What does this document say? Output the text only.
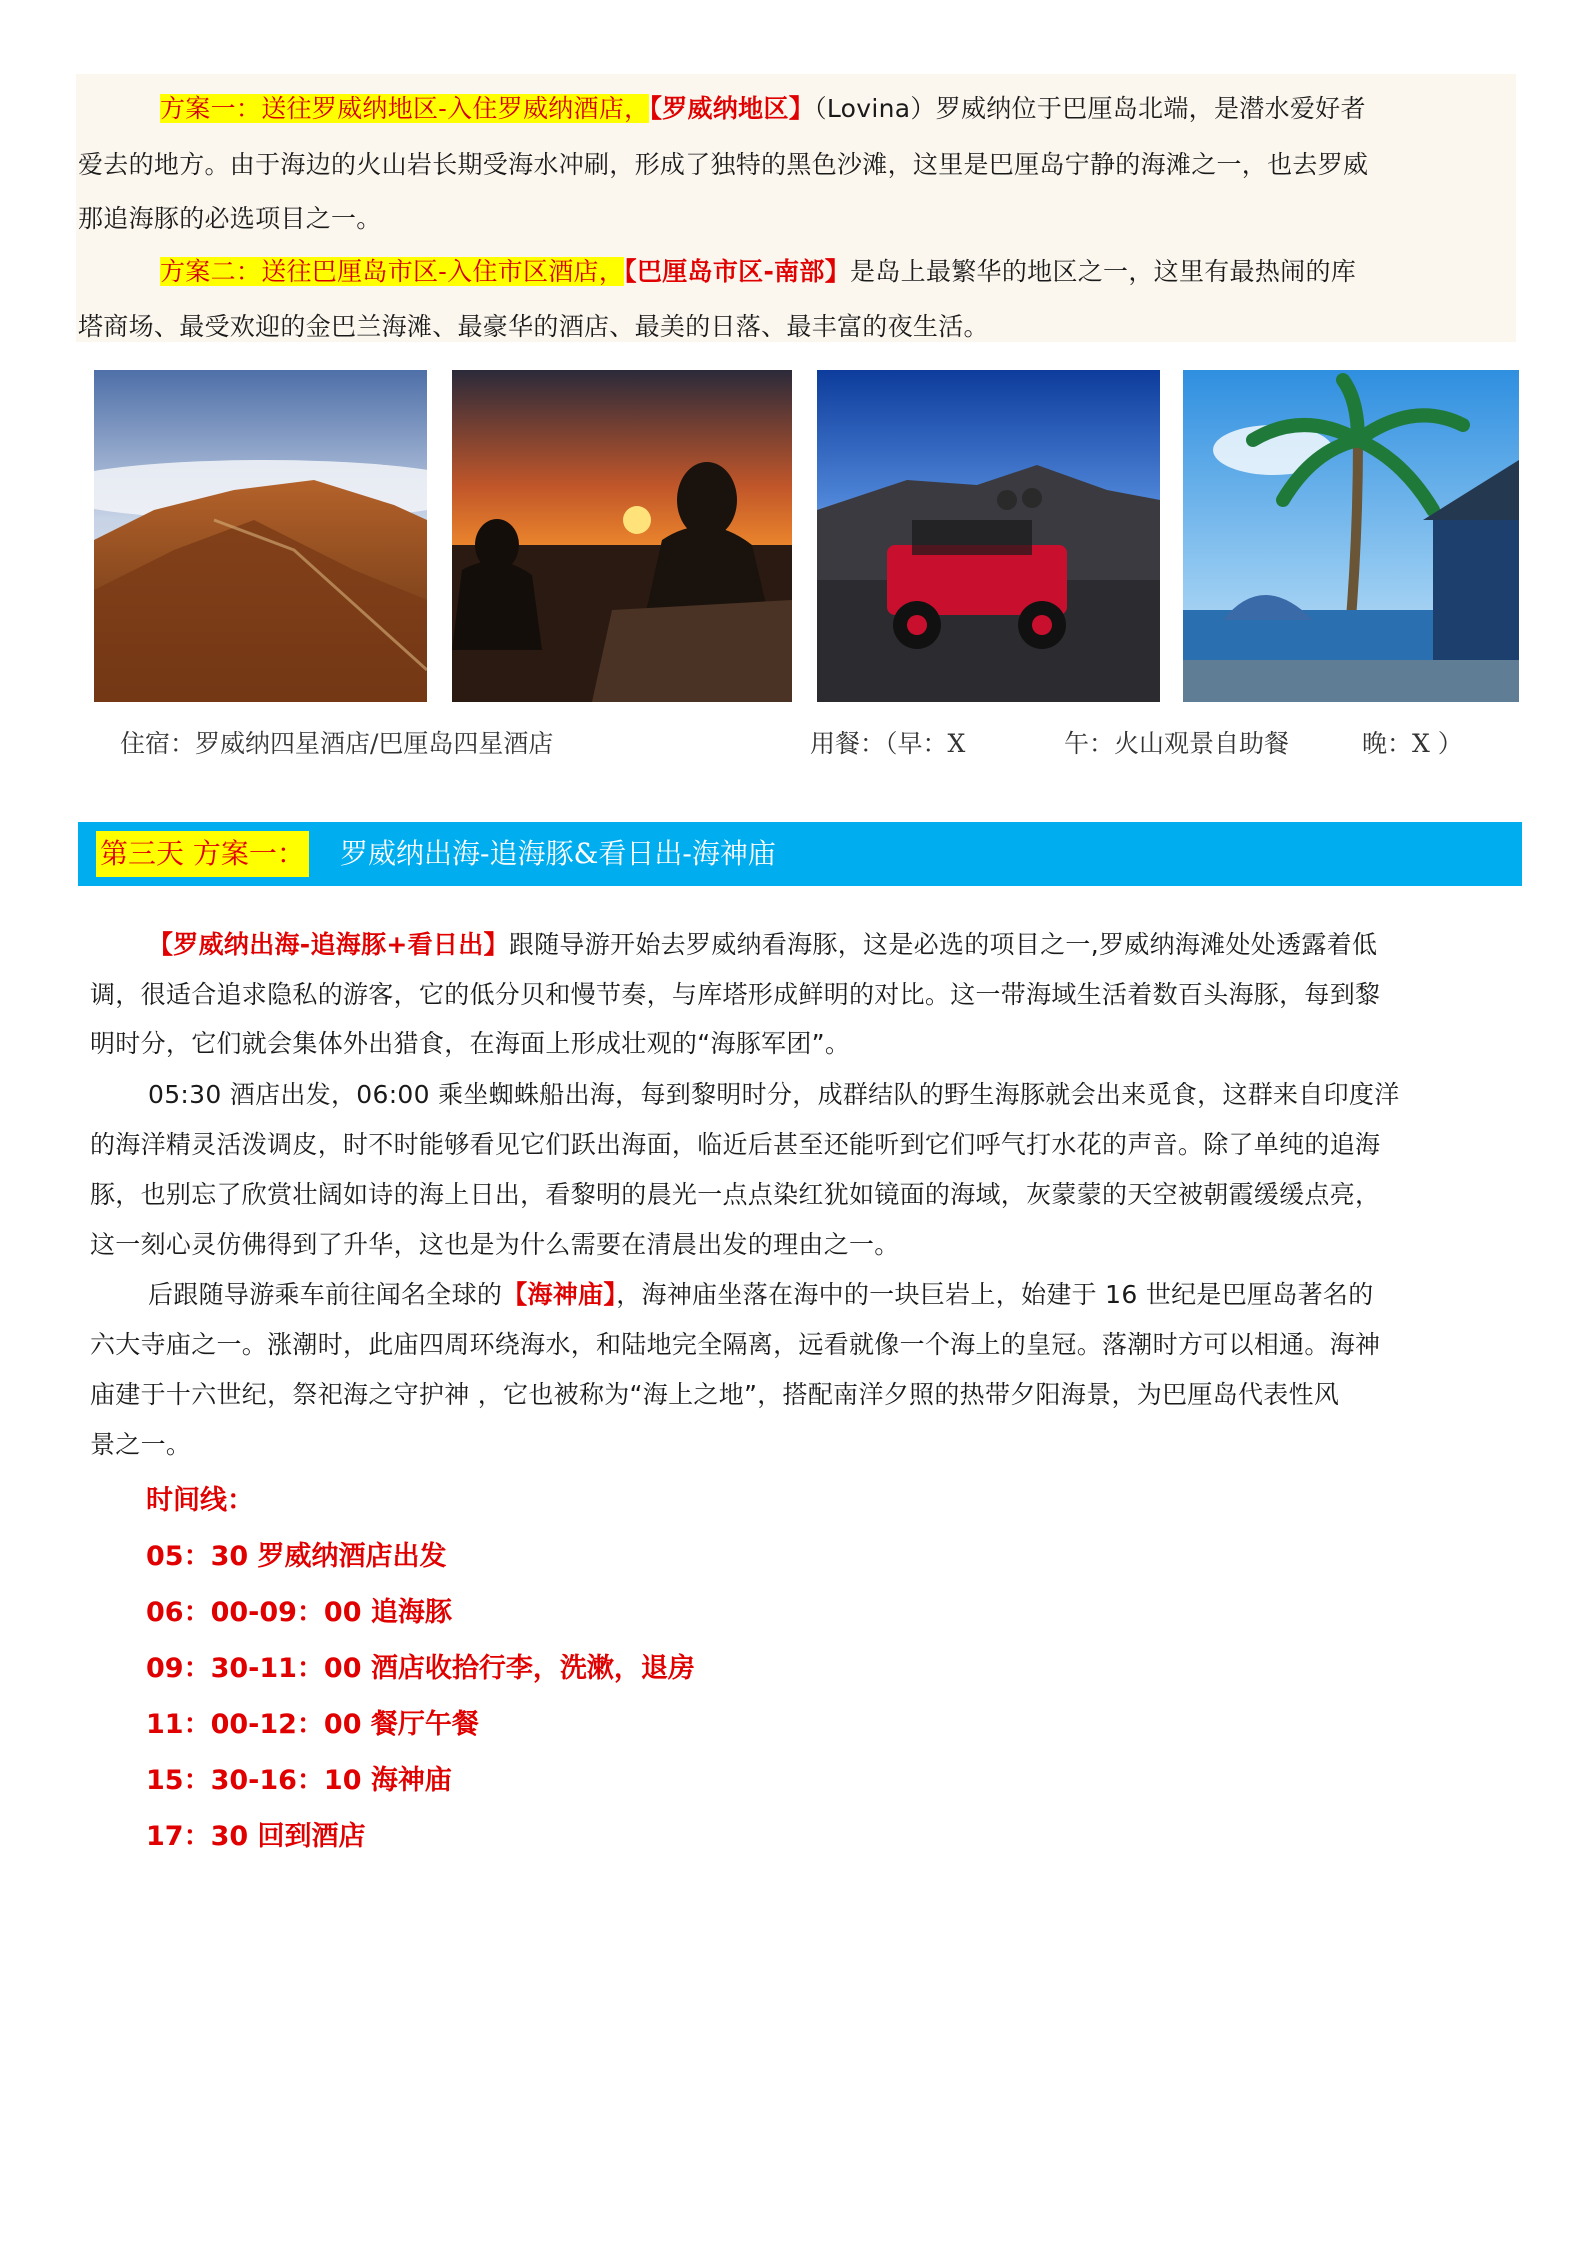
方案一：送往罗威纳地区-入住罗威纳酒店，【罗威纳地区】（Lovina）罗威纳位于巴厘岛北端，是潜水爱好者

爱去的地方。由于海边的火山岩长期受海水冲刷，形成了独特的黑色沙滩，这里是巴厘岛宁静的海滩之一，也去罗威

那追海豚的必选项目之一。

方案二：送往巴厘岛市区-入住市区酒店，【巴厘岛市区-南部】是岛上最繁华的地区之一，这里有最热闹的库

塔商场、最受欢迎的金巴兰海滩、最豪华的酒店、最美的日落、最丰富的夜生活。

住宿：罗威纳四星酒店/巴厘岛四星酒店	用餐：（早：X	午：火山观景自助餐	晚：X ）
第三天 方案一： 罗威纳出海-追海豚&看日出-海神庙

【罗威纳出海-追海豚+看日出】跟随导游开始去罗威纳看海豚，这是必选的项目之一,罗威纳海滩处处透露着低

调，很适合追求隐私的游客，它的低分贝和慢节奏，与库塔形成鲜明的对比。这一带海域生活着数百头海豚，每到黎

明时分，它们就会集体外出猎食，在海面上形成壮观的“海豚军团”。

05:30 酒店出发，06:00 乘坐蜘蛛船出海，每到黎明时分，成群结队的野生海豚就会出来觅食，这群来自印度洋

的海洋精灵活泼调皮，时不时能够看见它们跃出海面，临近后甚至还能听到它们呼气打水花的声音。除了单纯的追海

豚，也别忘了欣赏壮阔如诗的海上日出，看黎明的晨光一点点染红犹如镜面的海域，灰蒙蒙的天空被朝霞缓缓点亮，

这一刻心灵仿佛得到了升华，这也是为什么需要在清晨出发的理由之一。

后跟随导游乘车前往闻名全球的【海神庙】，海神庙坐落在海中的一块巨岩上，始建于 16 世纪是巴厘岛著名的

六大寺庙之一。涨潮时，此庙四周环绕海水，和陆地完全隔离，远看就像一个海上的皇冠。落潮时方可以相通。海神

庙建于十六世纪，祭祀海之守护神 ，它也被称为“海上之地”，搭配南洋夕照的热带夕阳海景，为巴厘岛代表性风

景之一。

时间线：
05：30 罗威纳酒店出发
06：00-09：00 追海豚
09：30-11：00 酒店收拾行李，洗漱，退房
11：00-12：00 餐厅午餐
15：30-16：10 海神庙
17：30 回到酒店
